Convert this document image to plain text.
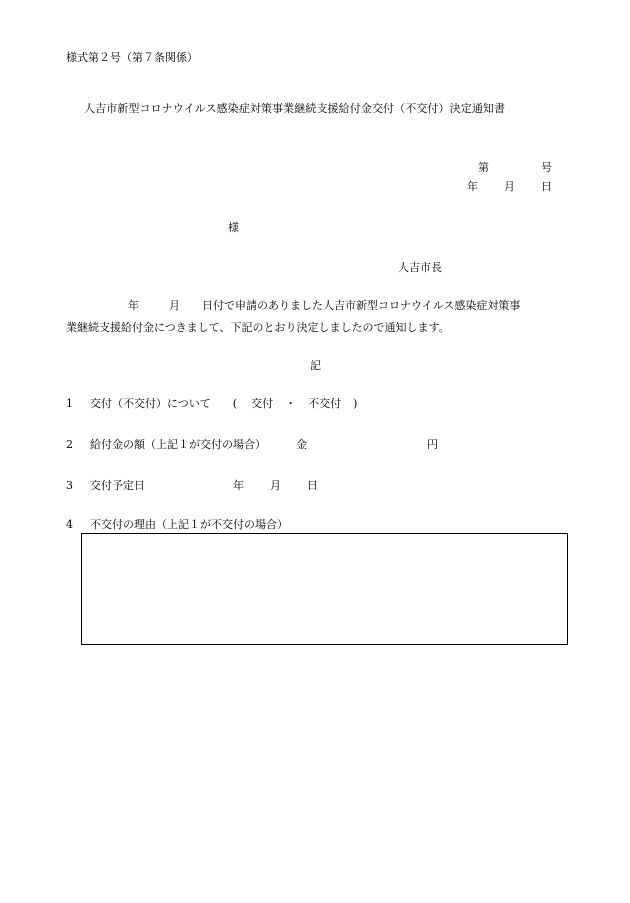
様式第２号（第７条関係）
人吉市新型コロナウイルス感染症対策事業継続支援給付金交付（不交付）決定通知書
第	号
年 月 日
様
人吉市長
年	月 日付で申請のありました人吉市新型コロナウイルス感染症対策事
業継続支援給付金につきまして、下記のとおり決定しましたので通知します。
記
1 交付（不交付）について ( 交付 ・ 不交付 )
2 給付金の額（上記１が交付の場合）	金	円
3 交付予定日	年 月 日
4 不交付の理由（上記１が不交付の場合）
